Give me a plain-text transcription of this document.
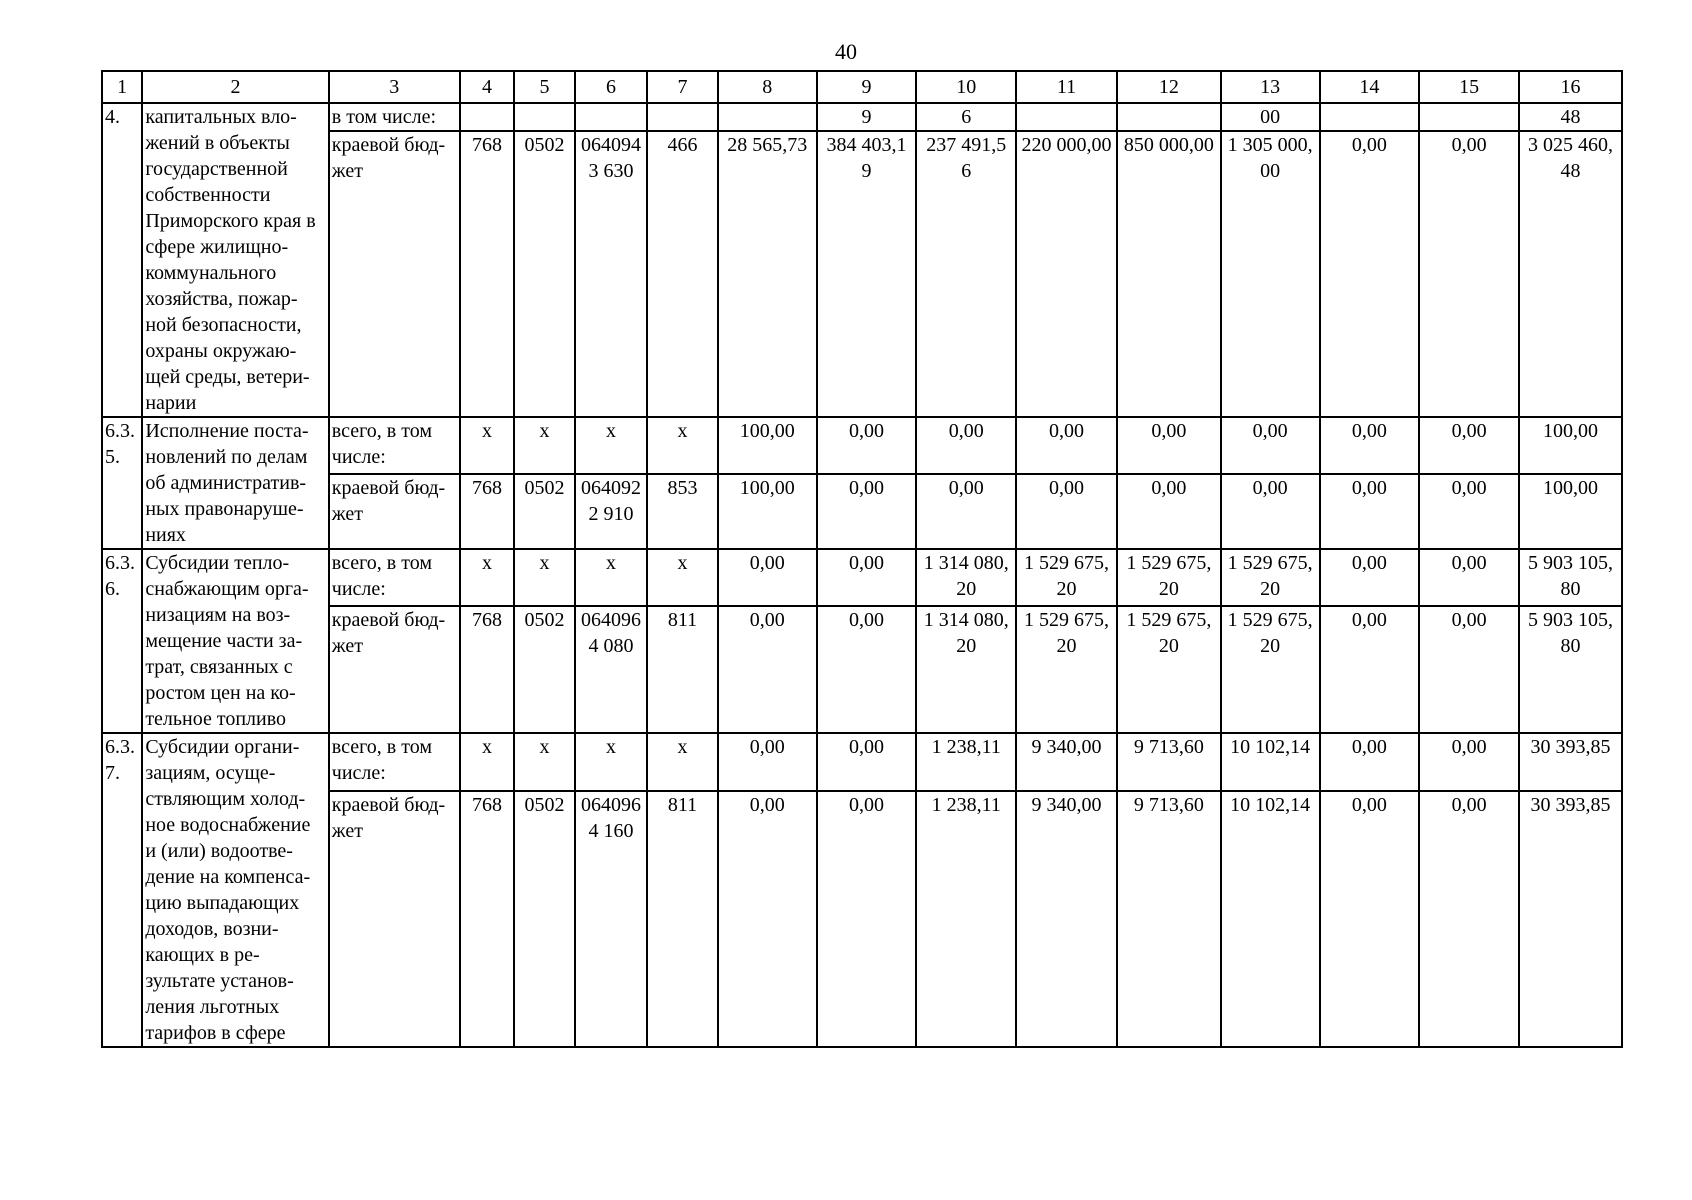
40
1	2	3	4	5	6	7	8	9	10	11	12	13	14	15	16
4.	капитальных вло-жений в объекты государственной собственности Приморского края в сфере жилищно-коммунального хозяйства, пожар-ной безопасности, охраны окружаю-щей среды, ветери-нарии	в том числе:						9	6			00			48
		краевой бюд-жет	768	0502	0640943 630	466	28 565,73	384 403,1 9	237 491,5 6	220 000,00	850 000,00	1 305 000, 00	0,00	0,00	3 025 460, 48
6.3. 5.	Исполнение поста-новлений по делам об административ-ных правонаруше-ниях	всего, в том числе:	x	x	x	x	100,00	0,00	0,00	0,00	0,00	0,00	0,00	0,00	100,00
		краевой бюд-жет	768	0502	0640922 910	853	100,00	0,00	0,00	0,00	0,00	0,00	0,00	0,00	100,00
6.3. 6.	Субсидии тепло-снабжающим орга-низациям на воз-мещение части за-трат, связанных с ростом цен на ко-тельное топливо	всего, в том числе:	x	x	x	x	0,00	0,00	1 314 080, 20	1 529 675, 20	1 529 675, 20	1 529 675, 20	0,00	0,00	5 903 105, 80
		краевой бюд-жет	768	0502	0640964 080	811	0,00	0,00	1 314 080, 20	1 529 675, 20	1 529 675, 20	1 529 675, 20	0,00	0,00	5 903 105, 80
6.3. 7.	Субсидии органи-зациям, осуще-ствляющим холод-ное водоснабжение и (или) водоотве-дение на компенса-цию выпадающих доходов, возни-кающих в ре-зультате установ-ления льготных тарифов в сфере	всего, в том числе:	x	x	x	x	0,00	0,00	1 238,11	9 340,00	9 713,60	10 102,14	0,00	0,00	30 393,85
		краевой бюд-жет	768	0502	0640964 160	811	0,00	0,00	1 238,11	9 340,00	9 713,60	10 102,14	0,00	0,00	30 393,85
